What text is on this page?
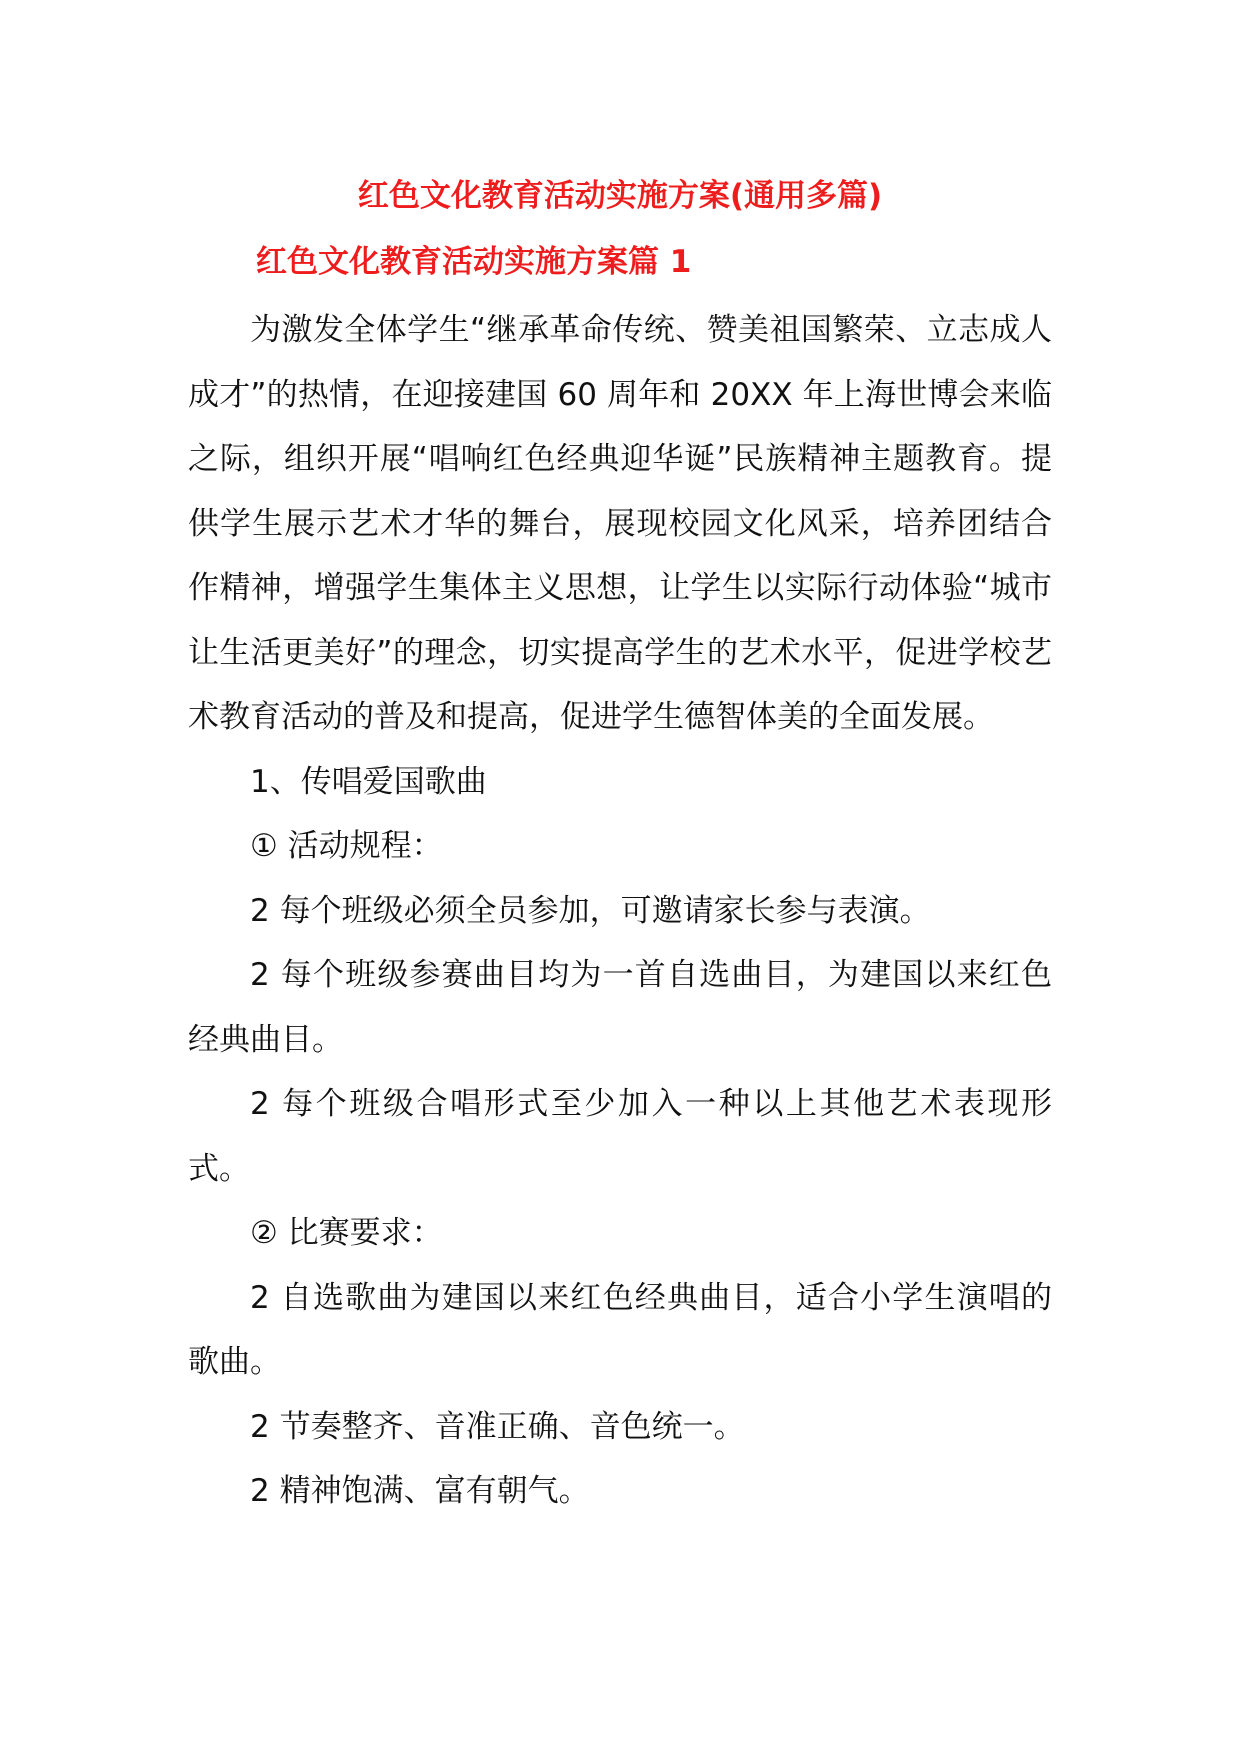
红色文化教育活动实施方案(通用多篇)
红色文化教育活动实施方案篇 1

为激发全体学生“继承革命传统、赞美祖国繁荣、立志成人成才”的热情，在迎接建国 60 周年和 20XX 年上海世博会来临之际，组织开展“唱响红色经典迎华诞”民族精神主题教育。提供学生展示艺术才华的舞台，展现校园文化风采，培养团结合作精神，增强学生集体主义思想，让学生以实际行动体验“城市让生活更美好”的理念，切实提高学生的艺术水平，促进学校艺术教育活动的普及和提高，促进学生德智体美的全面发展。

1、传唱爱国歌曲

① 活动规程：

2 每个班级必须全员参加，可邀请家长参与表演。

2 每个班级参赛曲目均为一首自选曲目，为建国以来红色经典曲目。

2 每个班级合唱形式至少加入一种以上其他艺术表现形式。

② 比赛要求：

2 自选歌曲为建国以来红色经典曲目，适合小学生演唱的歌曲。

2 节奏整齐、音准正确、音色统一。

2 精神饱满、富有朝气。
